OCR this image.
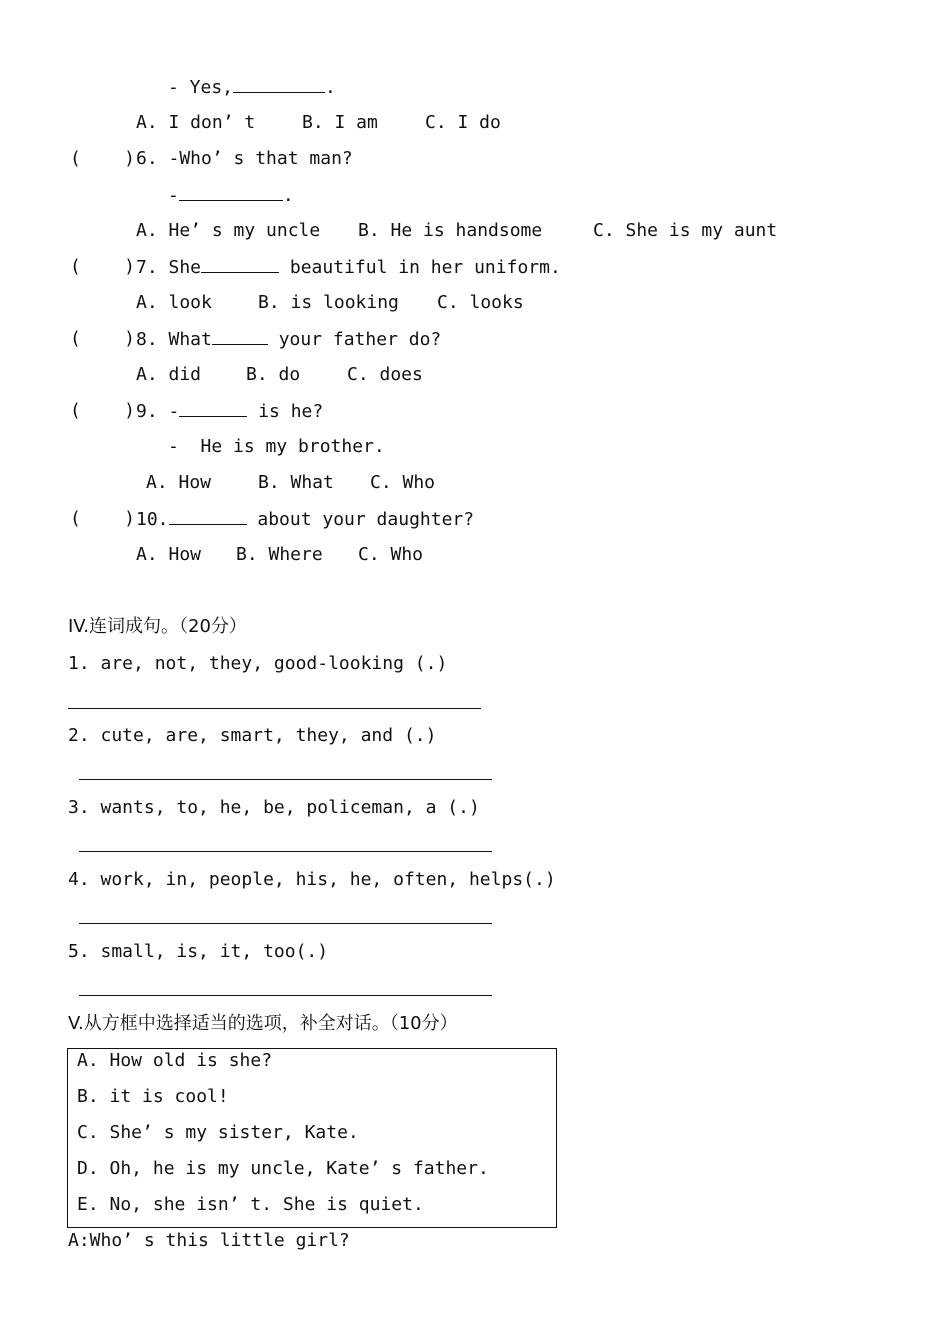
- Yes,	.
A. I don’ t	B. I am	C. I do
(    ) 6. -Who’ s that man?
-	.
A. He’ s my uncle B. He is handsome	C. She is my aunt
(    ) 7. She	beautiful in her uniform.
A. look	B. is looking C. looks
(    ) 8. What	your father do?
A. did B. do	C. does
(    ) 9. -	is he?
-  He is my brother.
A. How	B. What C. Who
(    ) 10.	about your daughter?
A. How B. Where C. Who
IV.连词成句。（20分）
1. are, not, they, good-looking (.)
2. cute, are, smart, they, and (.)
3. wants, to, he, be, policeman, a (.)
4. work, in, people, his, he, often, helps(.)
5. small, is, it, too(.)
V.从方框中选择适当的选项，补全对话。（10分）
A. How old is she?
B. it is cool!
C. She’ s my sister, Kate.
D. Oh, he is my uncle, Kate’ s father.
E. No, she isn’ t. She is quiet.
A:Who’ s this little girl?
